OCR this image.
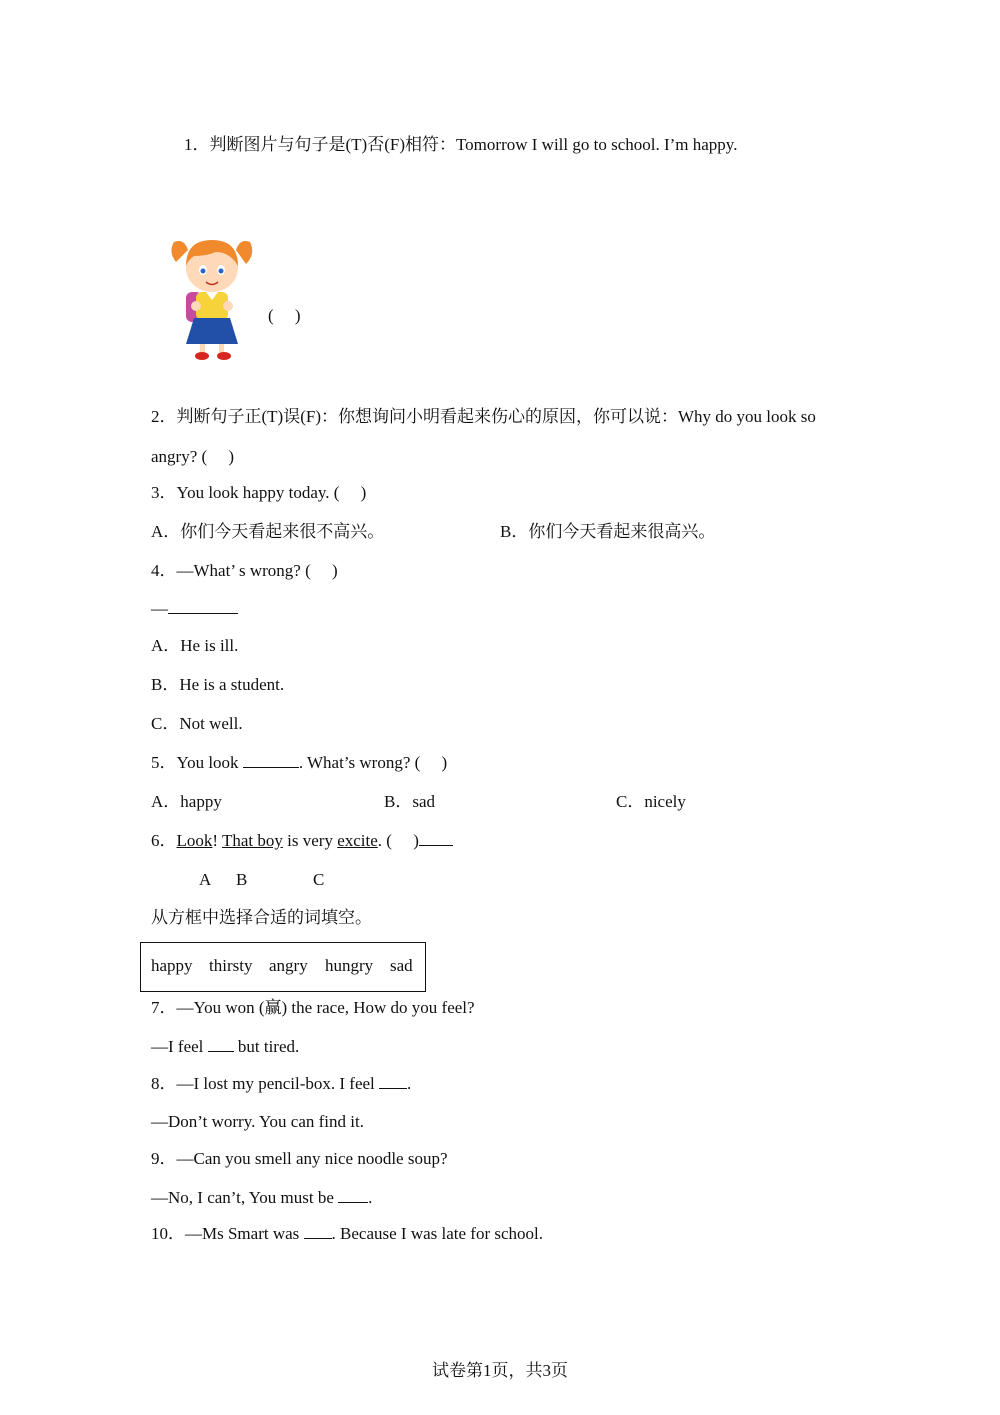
1．判断图片与句子是(T)否(F)相符：Tomorrow I will go to school. I’m happy.
(　 )
2．判断句子正(T)误(F)：你想询问小明看起来伤心的原因，你可以说：Why do you look so
angry? (　 )
3．You look happy today. (　 )
A．你们今天看起来很不高兴。	B．你们今天看起来很高兴。
4．—What’ s wrong? (　 )
—
A．He is ill.
B．He is a student.
C．Not well.
5．You look	. What’s wrong? (　 )
A．happy	B．sad	C．nicely
6．Look! That boy is very excite. (　 )
A B	C
从方框中选择合适的词填空。
happy thirsty angry hungry sad
7．—You won (赢) the race, How do you feel?
—I feel  but tired.
8．—I lost my pencil-box. I feel .
—Don’t worry. You can find it.
9．—Can you smell any nice noodle soup?
—No, I can’t, You must be .
10．—Ms Smart was . Because I was late for school.
试卷第1页，共3页
